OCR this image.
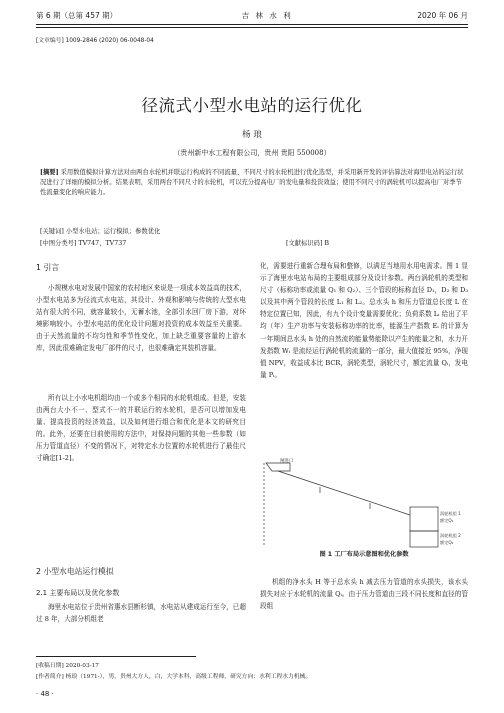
第 6 期（总第 457 期）	吉 林 水 利	2020 年 06 月
[文章编号] 1009-2846 (2020) 06-0048-04
径流式小型水电站的运行优化
杨 琅
（贵州新中水工程有限公司，贵州 贵阳 550008）
[摘要] 采用数值模拟计算方法对由两台水轮机并联运行构成的不同流量、不同尺寸的水轮机进行优化选型，并采用新开发的评估算法对海里电站的运行状况进行了详细的模拟分析。结果表明，采用两台不同尺寸的水轮机，可以充分提高电厂的发电量和投资效益；使用不同尺寸的涡轮机可以提高电厂对季节性流量变化的响应能力。
[关键词] 小型水电站；运行模拟；参数优化
[中图分类号] TV747，TV737	[文献标识码] B
1 引言
小规模水电对发展中国家的农村地区来说是一项成本效益高的技术，小型水电站多为径流式水电站，其设计、外观和影响与传统的大型水电站有很大的不同，就容量较小，无蓄水池，全部引水回厂房下游，对环境影响较小。小型水电站的优化设计问题对投资的成本效益至关重要。由于天然流量的不均匀性和季节性变化，加上缺乏重要容量的上游水库，因此很难确定发电厂部件的尺寸，也很难确定其装机容量。
所有以上小水电机组均由一个或多个相同的水轮机组成。但是，安装由两台大小不一、型式不一的并联运行的水轮机，是否可以增加发电量、提高投资的经济效益，以及如何进行组合和优化是本文的研究目的。此外，还要在目前使用的方法中，对保持问题的其他一些参数（如压力管道直径）不变的情况下，对特定水力位置的水轮机进行了最佳尺寸确定[1-2]。
2 小型水电站运行模拟
2.1 主要布局以及优化参数
海里水电站位于贵州省惠水县断杉镇，水电站从建成运行至今，已超过 8 年，大部分机组老
化，需要进行重新合理布局和整修，以满足当地用水用电需求。图 1 显示了海里水电站布局的主要组成部分及设计参数。两台涡轮机的类型和尺寸（标称功率或流量 Q₁ 和 Q₂）、三个管段的标称直径 D₁，D₂ 和 D₃ 以及其中两个管段的长度 L₁ 和 L₂。总水头 h 和压力管道总长度 L 在特定位置已知，因此，有九个设计变量需要优化；负荷系数 Lᵢ 给出了平均（年）生产功率与安装标称功率的比率，能源生产指数 Eᵢ 的计算为一年期间总水头 h 处的自然流的能量势能除以产生的能量之和，水力开发指数 Wᵢ 是流经运行涡轮机的流量的一部分，最大值接近 95%，净现值 NPV，收益成本比 BCR，涡轮类型，涡轮尺寸，额定流量 Qᵢ，发电量 Pᵢ。
闸进口
涡轮机组 1
额定Q₁
涡轮机组 2
额定Q₂
图 1 工厂布局示意图和优化参数
机组的净水头 H 等于总水头 h 减去压力管道的水头损失，该水头损失对应于水轮机的流量 Qᵢ。由于压力管道由三段不同长度和直径的管段组
[收稿日期] 2020-03-17
[作者简介] 杨琅（1971-），男，贵州大方人，白，大学本科，高级工程师，研究方向：水利工程水力机械。
· 48 ·
